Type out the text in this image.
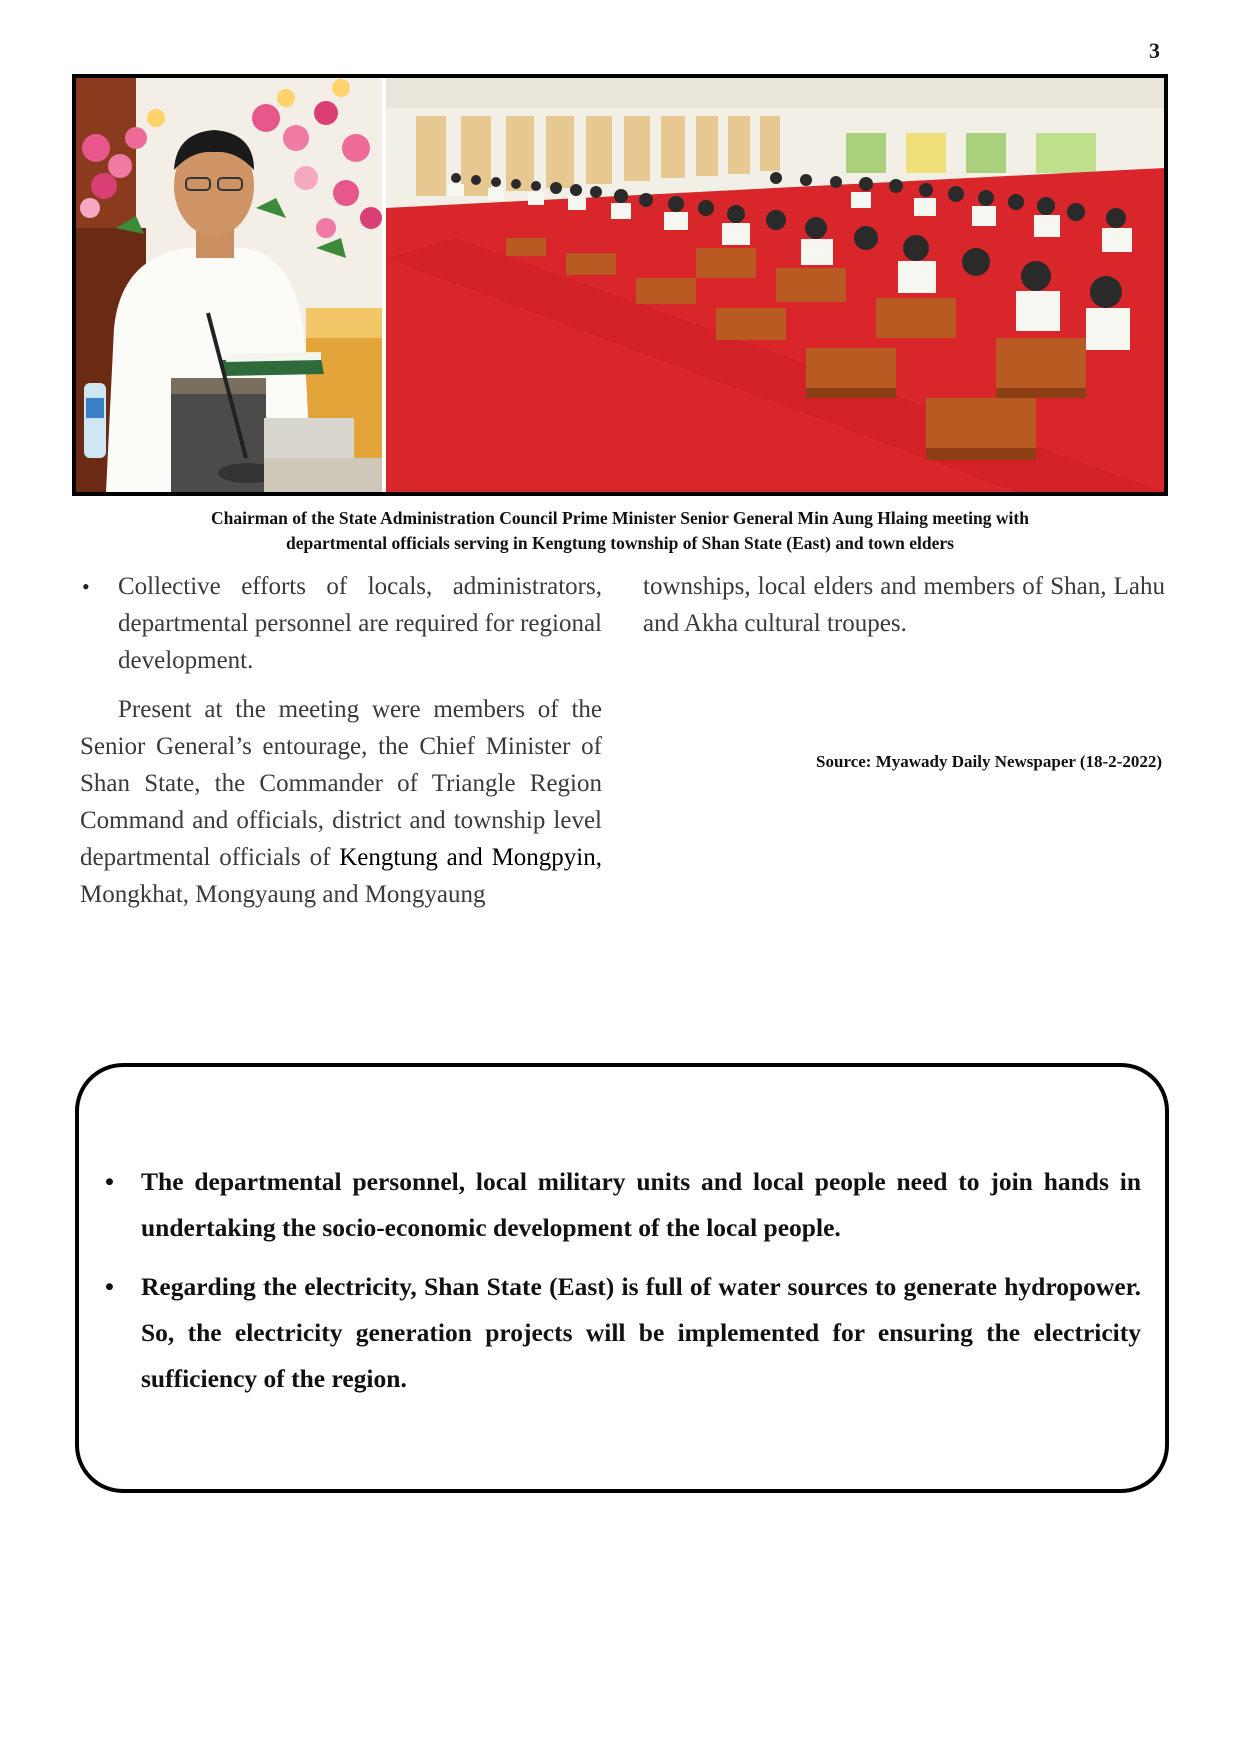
3
Chairman of the State Administration Council Prime Minister Senior General Min Aung Hlaing meeting with
departmental officials serving in Kengtung township of Shan State (East) and town elders
• Collective efforts of locals, administrators, departmental personnel are required for regional development.

Present at the meeting were members of the Senior General’s entourage, the Chief Minister of Shan State, the Commander of Triangle Region Command and officials, district and township level departmental officials of Kengtung and Mongpyin, Mongkhat, Mongyaung and Mongyaung

townships, local elders and members of Shan, Lahu and Akha cultural troupes.
Source: Myawady Daily Newspaper (18-2-2022)
• The departmental personnel, local military units and local people need to join hands in undertaking the socio-economic development of the local people.
• Regarding the electricity, Shan State (East) is full of water sources to generate hydropower. So, the electricity generation projects will be implemented for ensuring the electricity sufficiency of the region.
